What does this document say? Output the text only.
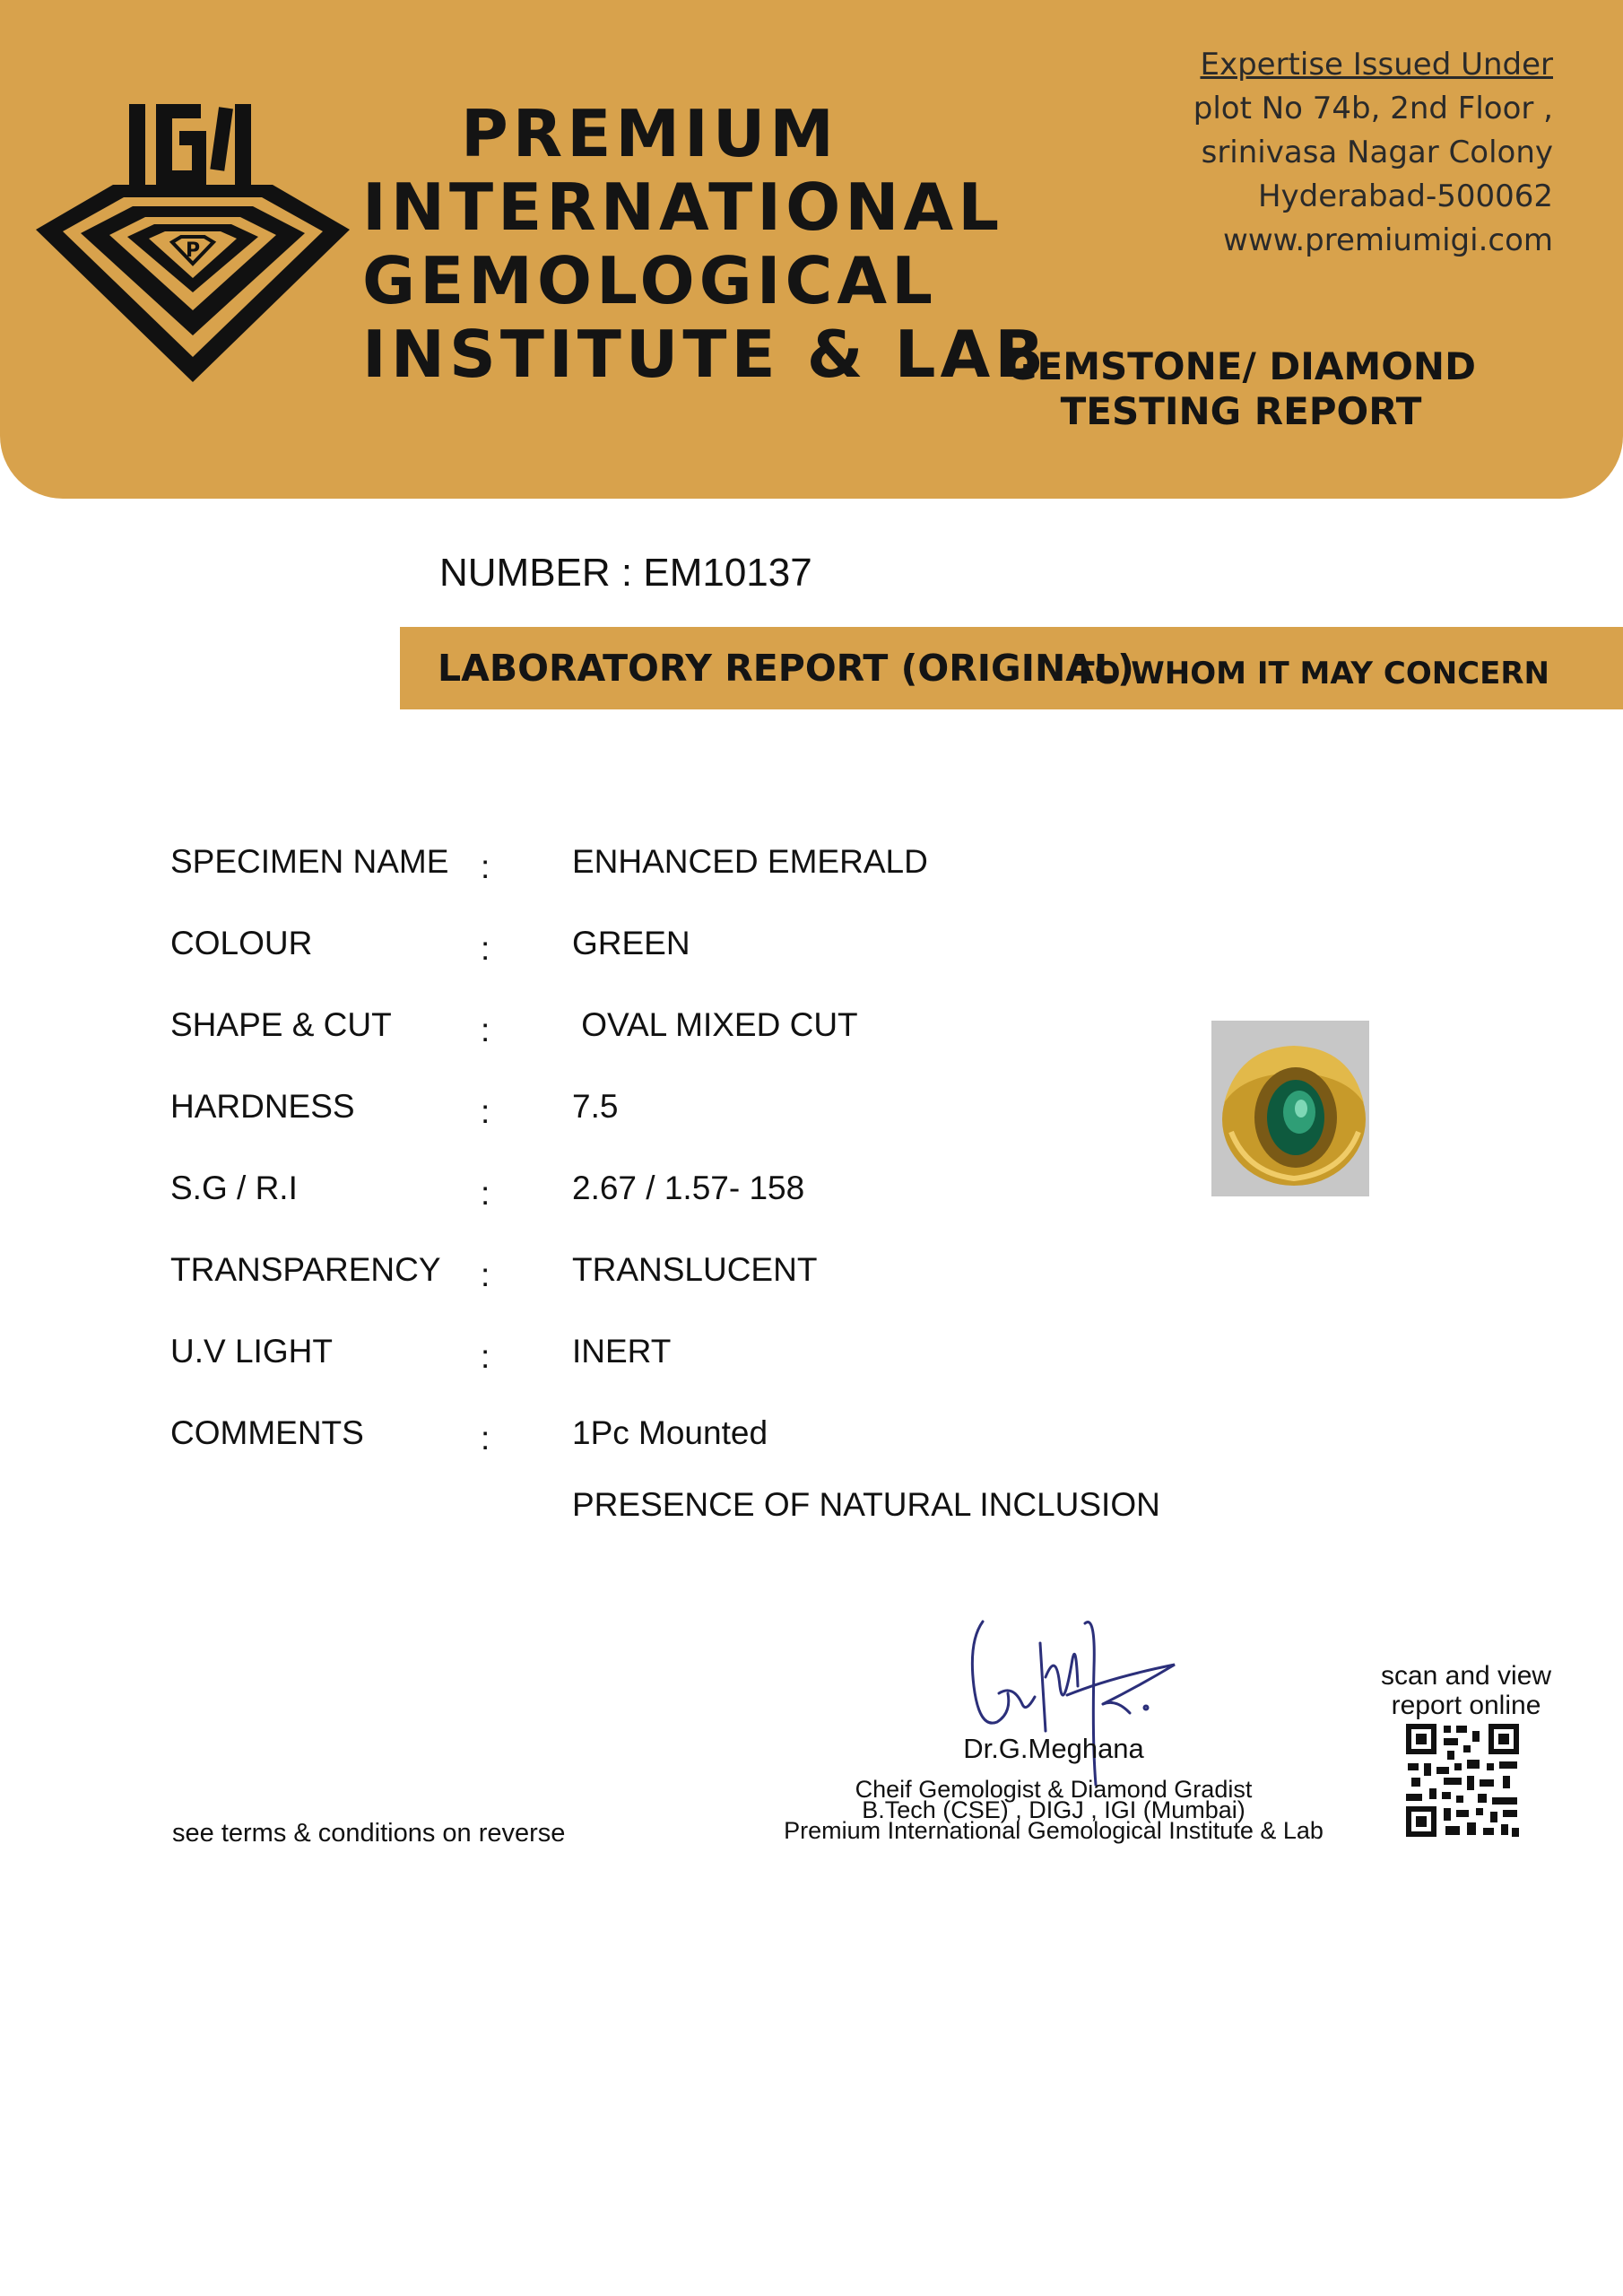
P
PREMIUM
INTERNATIONAL
GEMOLOGICAL
INSTITUTE & LAB
Expertise Issued Under
plot No 74b, 2nd Floor ,
srinivasa Nagar Colony
Hyderabad-500062
www.premiumigi.com
GEMSTONE/ DIAMOND
TESTING REPORT
NUMBER : EM10137
LABORATORY REPORT (ORIGINAL)
TO WHOM IT MAY CONCERN
SPECIMEN NAME : ENHANCED EMERALD
COLOUR	: GREEN
SHAPE & CUT	: OVAL MIXED CUT
HARDNESS	: 7.5
S.G / R.I	: 2.67 / 1.57- 158
TRANSPARENCY : TRANSLUCENT
U.V LIGHT	: INERT
COMMENTS	: 1Pc Mounted
PRESENCE OF NATURAL INCLUSION
Dr.G.Meghana
Cheif Gemologist & Diamond Gradist
B.Tech (CSE) , DIGJ , IGI (Mumbai)
Premium International Gemological Institute & Lab
see terms & conditions on reverse
scan and view
report online
